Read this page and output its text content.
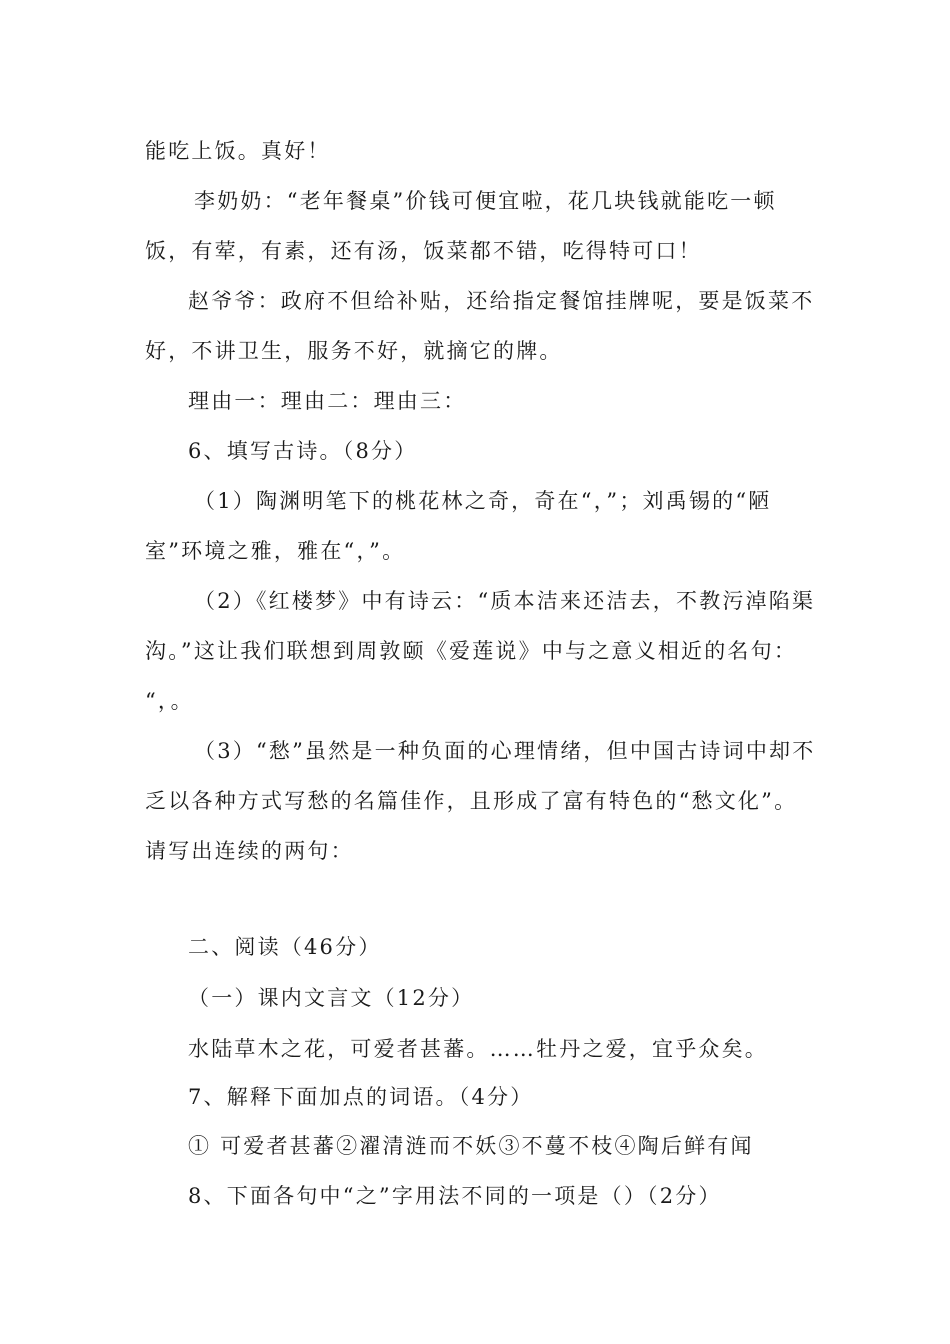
能吃上饭。真好！
李奶奶：“老年餐桌”价钱可便宜啦，花几块钱就能吃一顿
饭，有荤，有素，还有汤，饭菜都不错，吃得特可口！
赵爷爷：政府不但给补贴，还给指定餐馆挂牌呢，要是饭菜不
好，不讲卫生，服务不好，就摘它的牌。
理由一：理由二：理由三：
6、填写古诗。（8分）
（1）陶渊明笔下的桃花林之奇，奇在“，”；刘禹锡的“陋
室”环境之雅，雅在“，”。
（2）《红楼梦》中有诗云：“质本洁来还洁去，不教污淖陷渠
沟。”这让我们联想到周敦颐《爱莲说》中与之意义相近的名句：
“，。
（3）“愁”虽然是一种负面的心理情绪，但中国古诗词中却不
乏以各种方式写愁的名篇佳作，且形成了富有特色的“愁文化”。
请写出连续的两句：
二、阅读（46分）
（一）课内文言文（12分）
水陆草木之花，可爱者甚蕃。……牡丹之爱，宜乎众矣。
7、解释下面加点的词语。（4分）
① 可爱者甚蕃②濯清涟而不妖③不蔓不枝④陶后鲜有闻
8、下面各句中“之”字用法不同的一项是（）（2分）
